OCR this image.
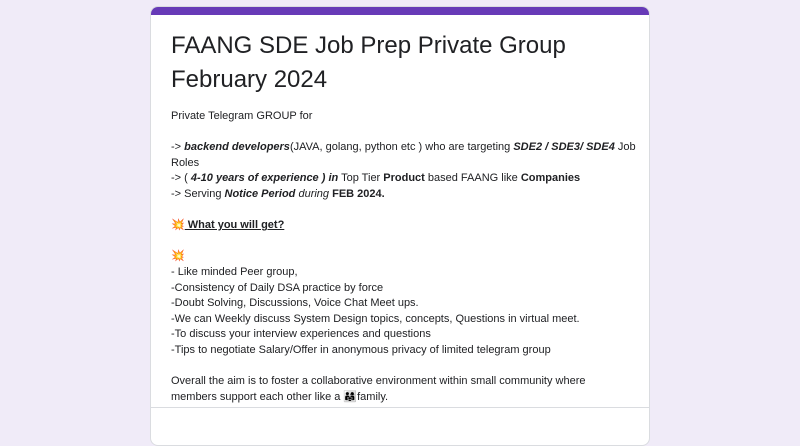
FAANG SDE Job Prep Private Group
February 2024
Private Telegram GROUP for
-> backend developers(JAVA, golang, python etc ) who are targeting SDE2 / SDE3/ SDE4 Job
Roles
-> ( 4-10 years of experience ) in Top Tier Product based FAANG like Companies
-> Serving Notice Period during FEB 2024.
💥 What you will get?
💥
- Like minded Peer group,
-Consistency of Daily DSA practice by force
-Doubt Solving, Discussions, Voice Chat Meet ups.
-We can Weekly discuss System Design topics, concepts, Questions in virtual meet.
-To discuss your interview experiences and questions
-Tips to negotiate Salary/Offer in anonymous privacy of limited telegram group
Overall the aim is to foster a collaborative environment within small community where
members support each other like a 👨‍👩‍👧family.
